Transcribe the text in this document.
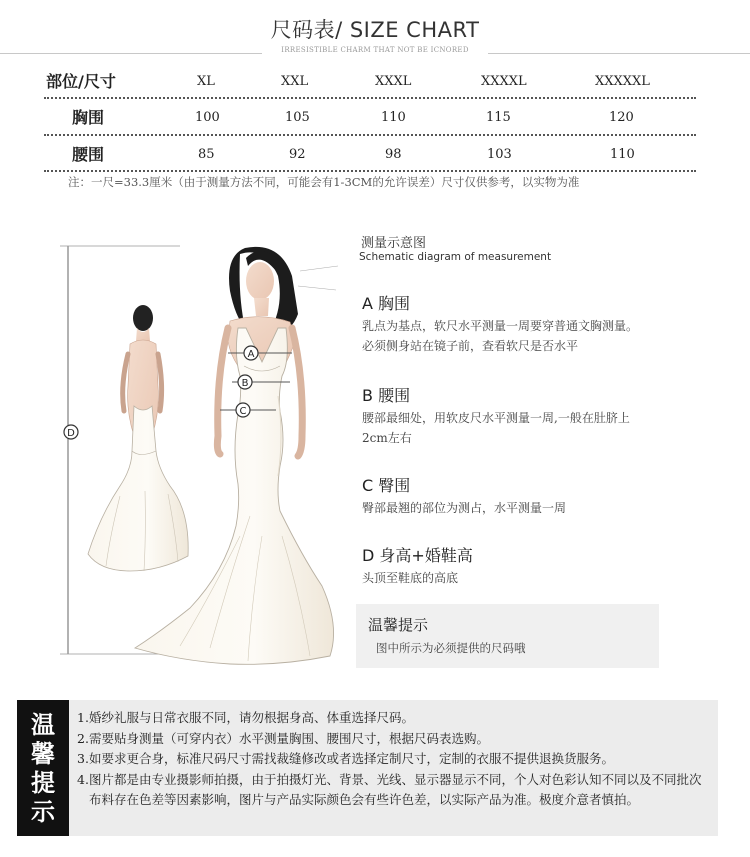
尺码表/ SIZE CHART
IRRESISTIBLE CHARM THAT NOT BE ICNORED
部位/尺寸	XL	XXL	XXXL	XXXXL	XXXXXL
胸围	100	105	110	115	120
腰围	85	92	98	103	110
注：一尺=33.3厘米（由于测量方法不同，可能会有1-3CM的允许误差）尺寸仅供参考，以实物为准
A
B
C
D
测量示意图
Schematic diagram of measurement
A 胸围
乳点为基点，软尺水平测量一周要穿普通文胸测量。
必须侧身站在镜子前，查看软尺是否水平
B 腰围
腰部最细处，用软皮尺水平测量一周,一般在肚脐上
2cm左右
C 臀围
臀部最翘的部位为测占，水平测量一周
D 身高+婚鞋高
头顶至鞋底的高底
温馨提示
图中所示为必须提供的尺码哦
温
馨
提
示
1. 婚纱礼服与日常衣服不同，请勿根据身高、体重选择尺码。
2. 需要贴身测量（可穿内衣）水平测量胸围、腰围尺寸，根据尺码表选购。
3. 如要求更合身，标准尺码尺寸需找裁缝修改或者选择定制尺寸，定制的衣服不提供退换货服务。
4. 图片都是由专业摄影师拍摄，由于拍摄灯光、背景、光线、显示器显示不同，个人对色彩认知不同以及不同批次布料存在色差等因素影响，图片与产品实际颜色会有些许色差，以实际产品为准。极度介意者慎拍。
